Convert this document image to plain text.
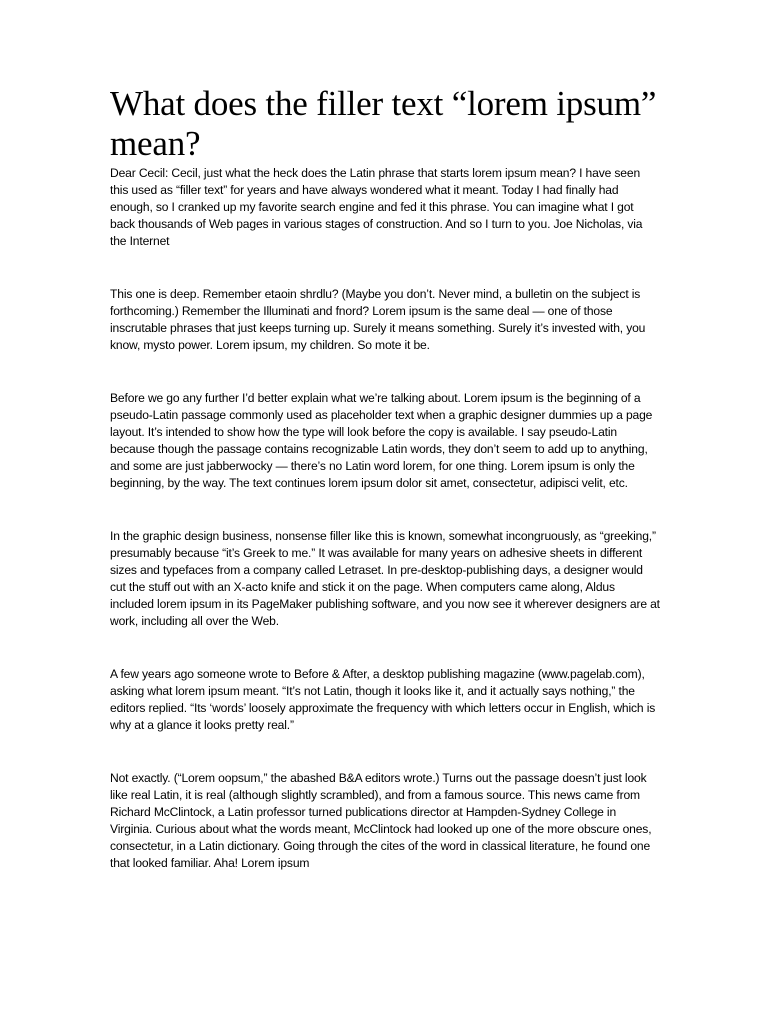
What does the filler text “lorem ipsum” mean?

Dear Cecil: Cecil, just what the heck does the Latin phrase that starts lorem ipsum mean? I have seen this used as “filler text” for years and have always wondered what it meant. Today I had finally had enough, so I cranked up my favorite search engine and fed it this phrase. You can imagine what I got back thousands of Web pages in various stages of construction. And so I turn to you. Joe Nicholas, via the Internet

This one is deep. Remember etaoin shrdlu? (Maybe you don’t. Never mind, a bulletin on the subject is forthcoming.) Remember the Illuminati and fnord? Lorem ipsum is the same deal — one of those inscrutable phrases that just keeps turning up. Surely it means something. Surely it’s invested with, you know, mysto power. Lorem ipsum, my children. So mote it be.

Before we go any further I’d better explain what we’re talking about. Lorem ipsum is the beginning of a pseudo-Latin passage commonly used as placeholder text when a graphic designer dummies up a page layout. It’s intended to show how the type will look before the copy is available. I say pseudo-Latin because though the passage contains recognizable Latin words, they don’t seem to add up to anything, and some are just jabberwocky — there’s no Latin word lorem, for one thing. Lorem ipsum is only the beginning, by the way. The text continues lorem ipsum dolor sit amet, consectetur, adipisci velit, etc.

In the graphic design business, nonsense filler like this is known, somewhat incongruously, as “greeking,” presumably because “it’s Greek to me.” It was available for many years on adhesive sheets in different sizes and typefaces from a company called Letraset. In pre-desktop-publishing days, a designer would cut the stuff out with an X-acto knife and stick it on the page. When computers came along, Aldus included lorem ipsum in its PageMaker publishing software, and you now see it wherever designers are at work, including all over the Web.

A few years ago someone wrote to Before & After, a desktop publishing magazine (www.pagelab.com), asking what lorem ipsum meant. “It’s not Latin, though it looks like it, and it actually says nothing,” the editors replied. “Its ‘words’ loosely approximate the frequency with which letters occur in English, which is why at a glance it looks pretty real.”

Not exactly. (“Lorem oopsum,” the abashed B&A editors wrote.) Turns out the passage doesn’t just look like real Latin, it is real (although slightly scrambled), and from a famous source. This news came from Richard McClintock, a Latin professor turned publications director at Hampden-Sydney College in Virginia. Curious about what the words meant, McClintock had looked up one of the more obscure ones, consectetur, in a Latin dictionary. Going through the cites of the word in classical literature, he found one that looked familiar. Aha! Lorem ipsum
